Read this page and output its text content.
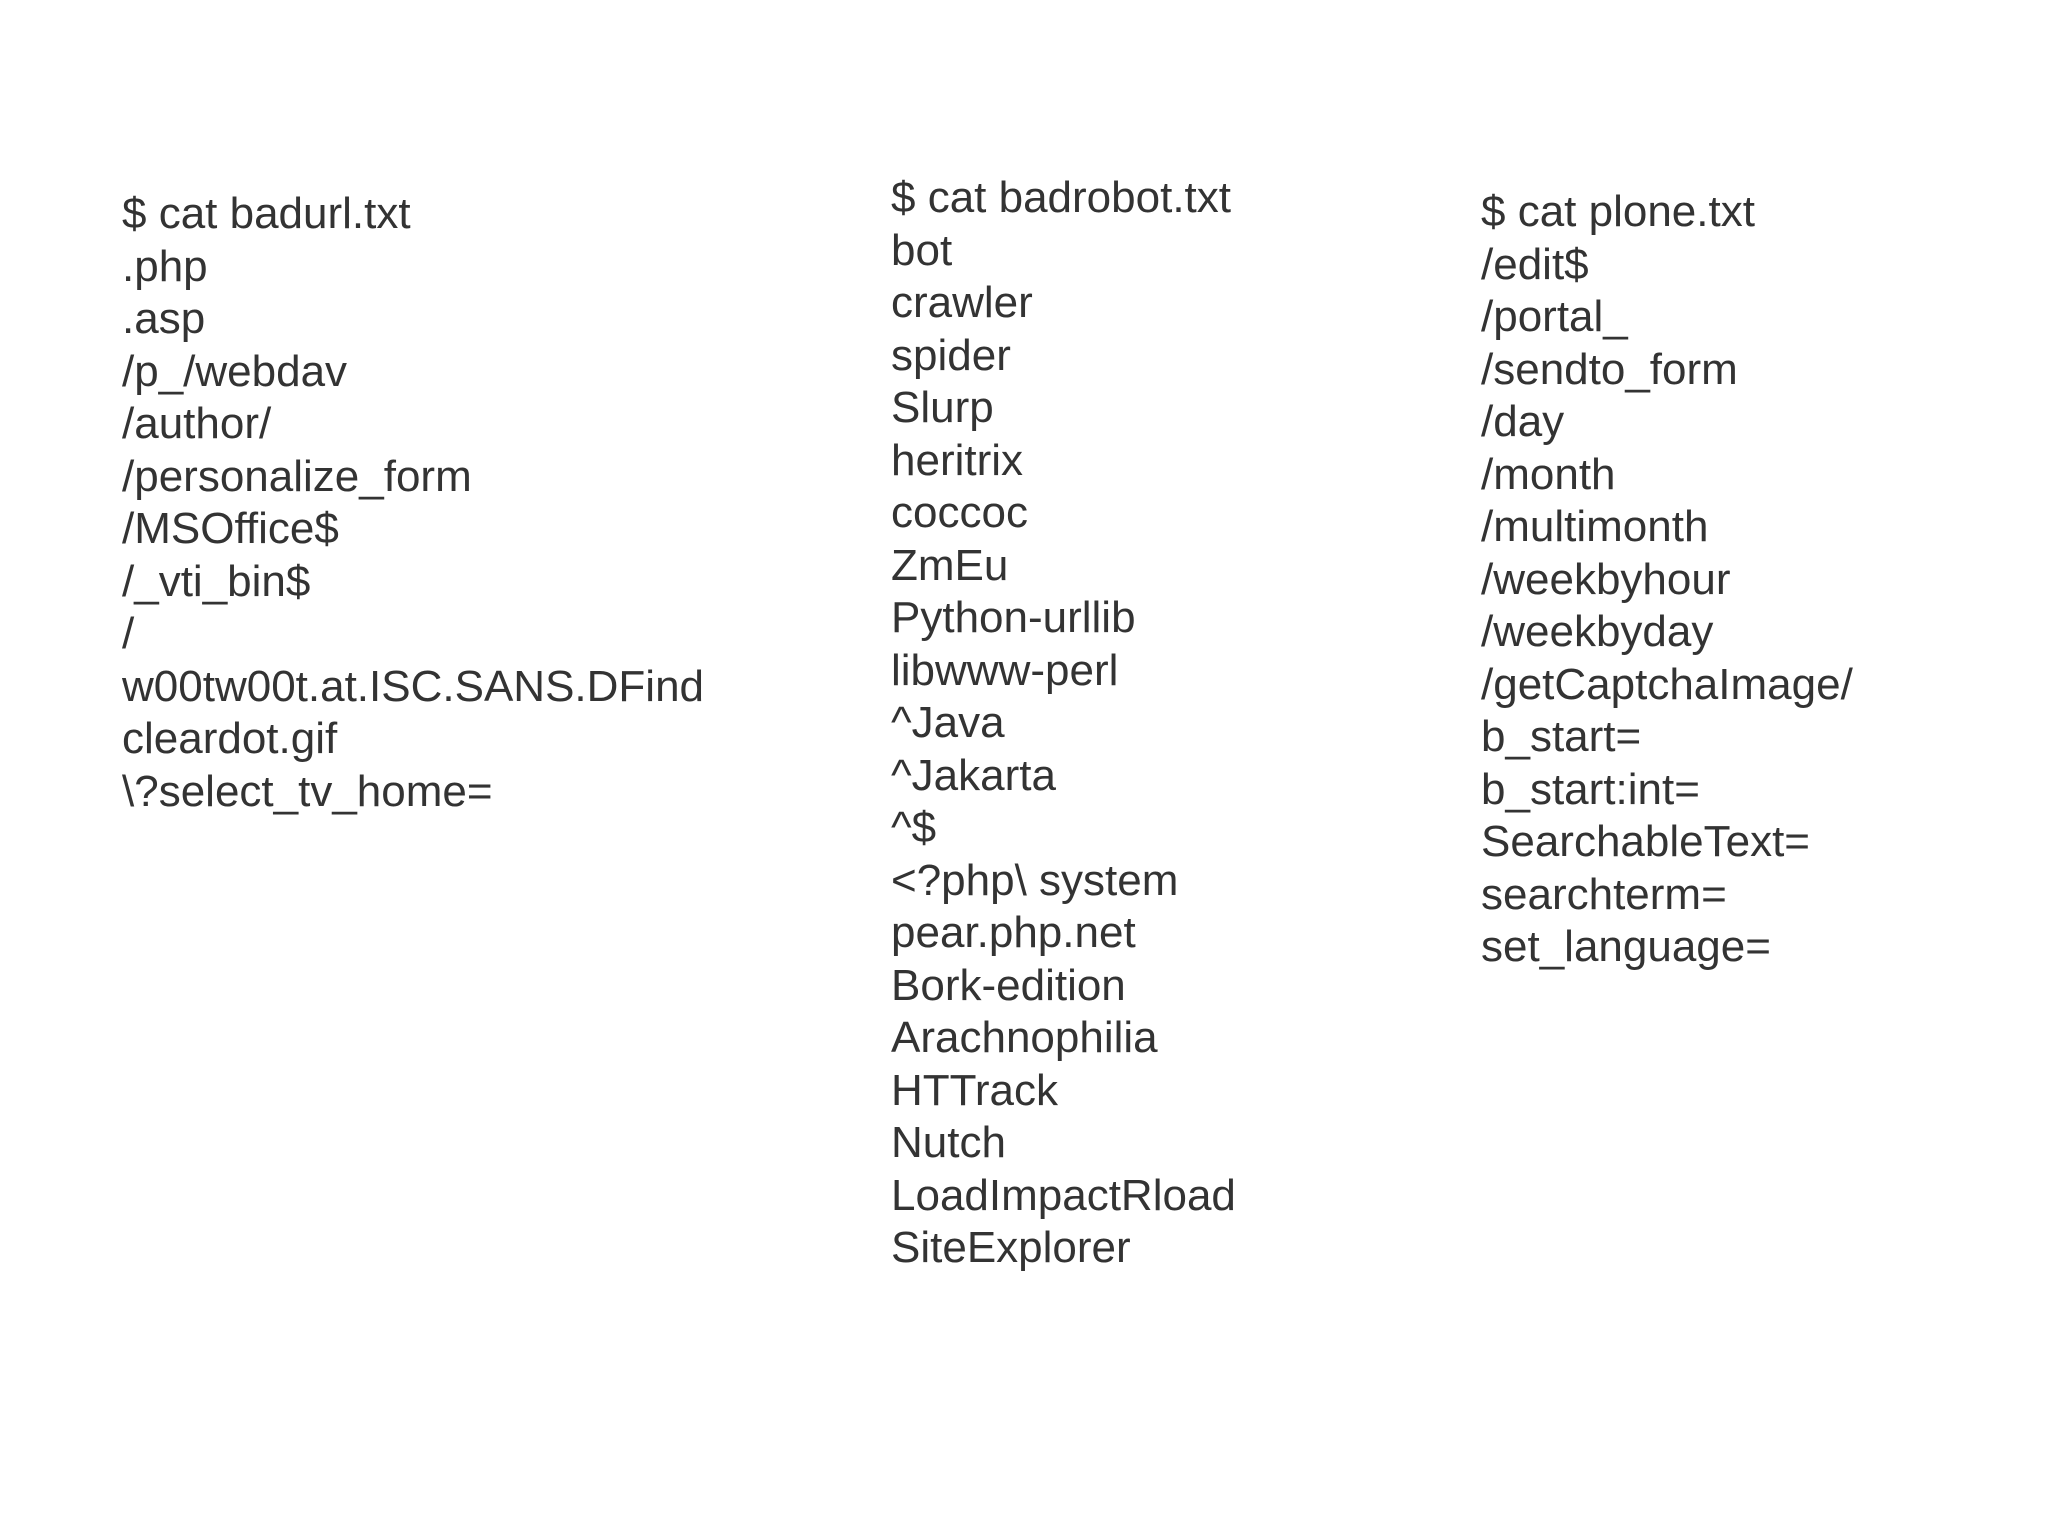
$ cat badurl.txt
.php
.asp
/p_/webdav
/author/
/personalize_form
/MSOffice$
/_vti_bin$
/
w00tw00t.at.ISC.SANS.DFind
cleardot.gif
\?select_tv_home=
$ cat badrobot.txt
bot
crawler
spider
Slurp
heritrix
coccoc
ZmEu
Python-urllib
libwww-perl
^Java
^Jakarta
^$
<?php\ system
pear.php.net
Bork-edition
Arachnophilia
HTTrack
Nutch
LoadImpactRload
SiteExplorer
$ cat plone.txt
/edit$
/portal_
/sendto_form
/day
/month
/multimonth
/weekbyhour
/weekbyday
/getCaptchaImage/
b_start=
b_start:int=
SearchableText=
searchterm=
set_language=
